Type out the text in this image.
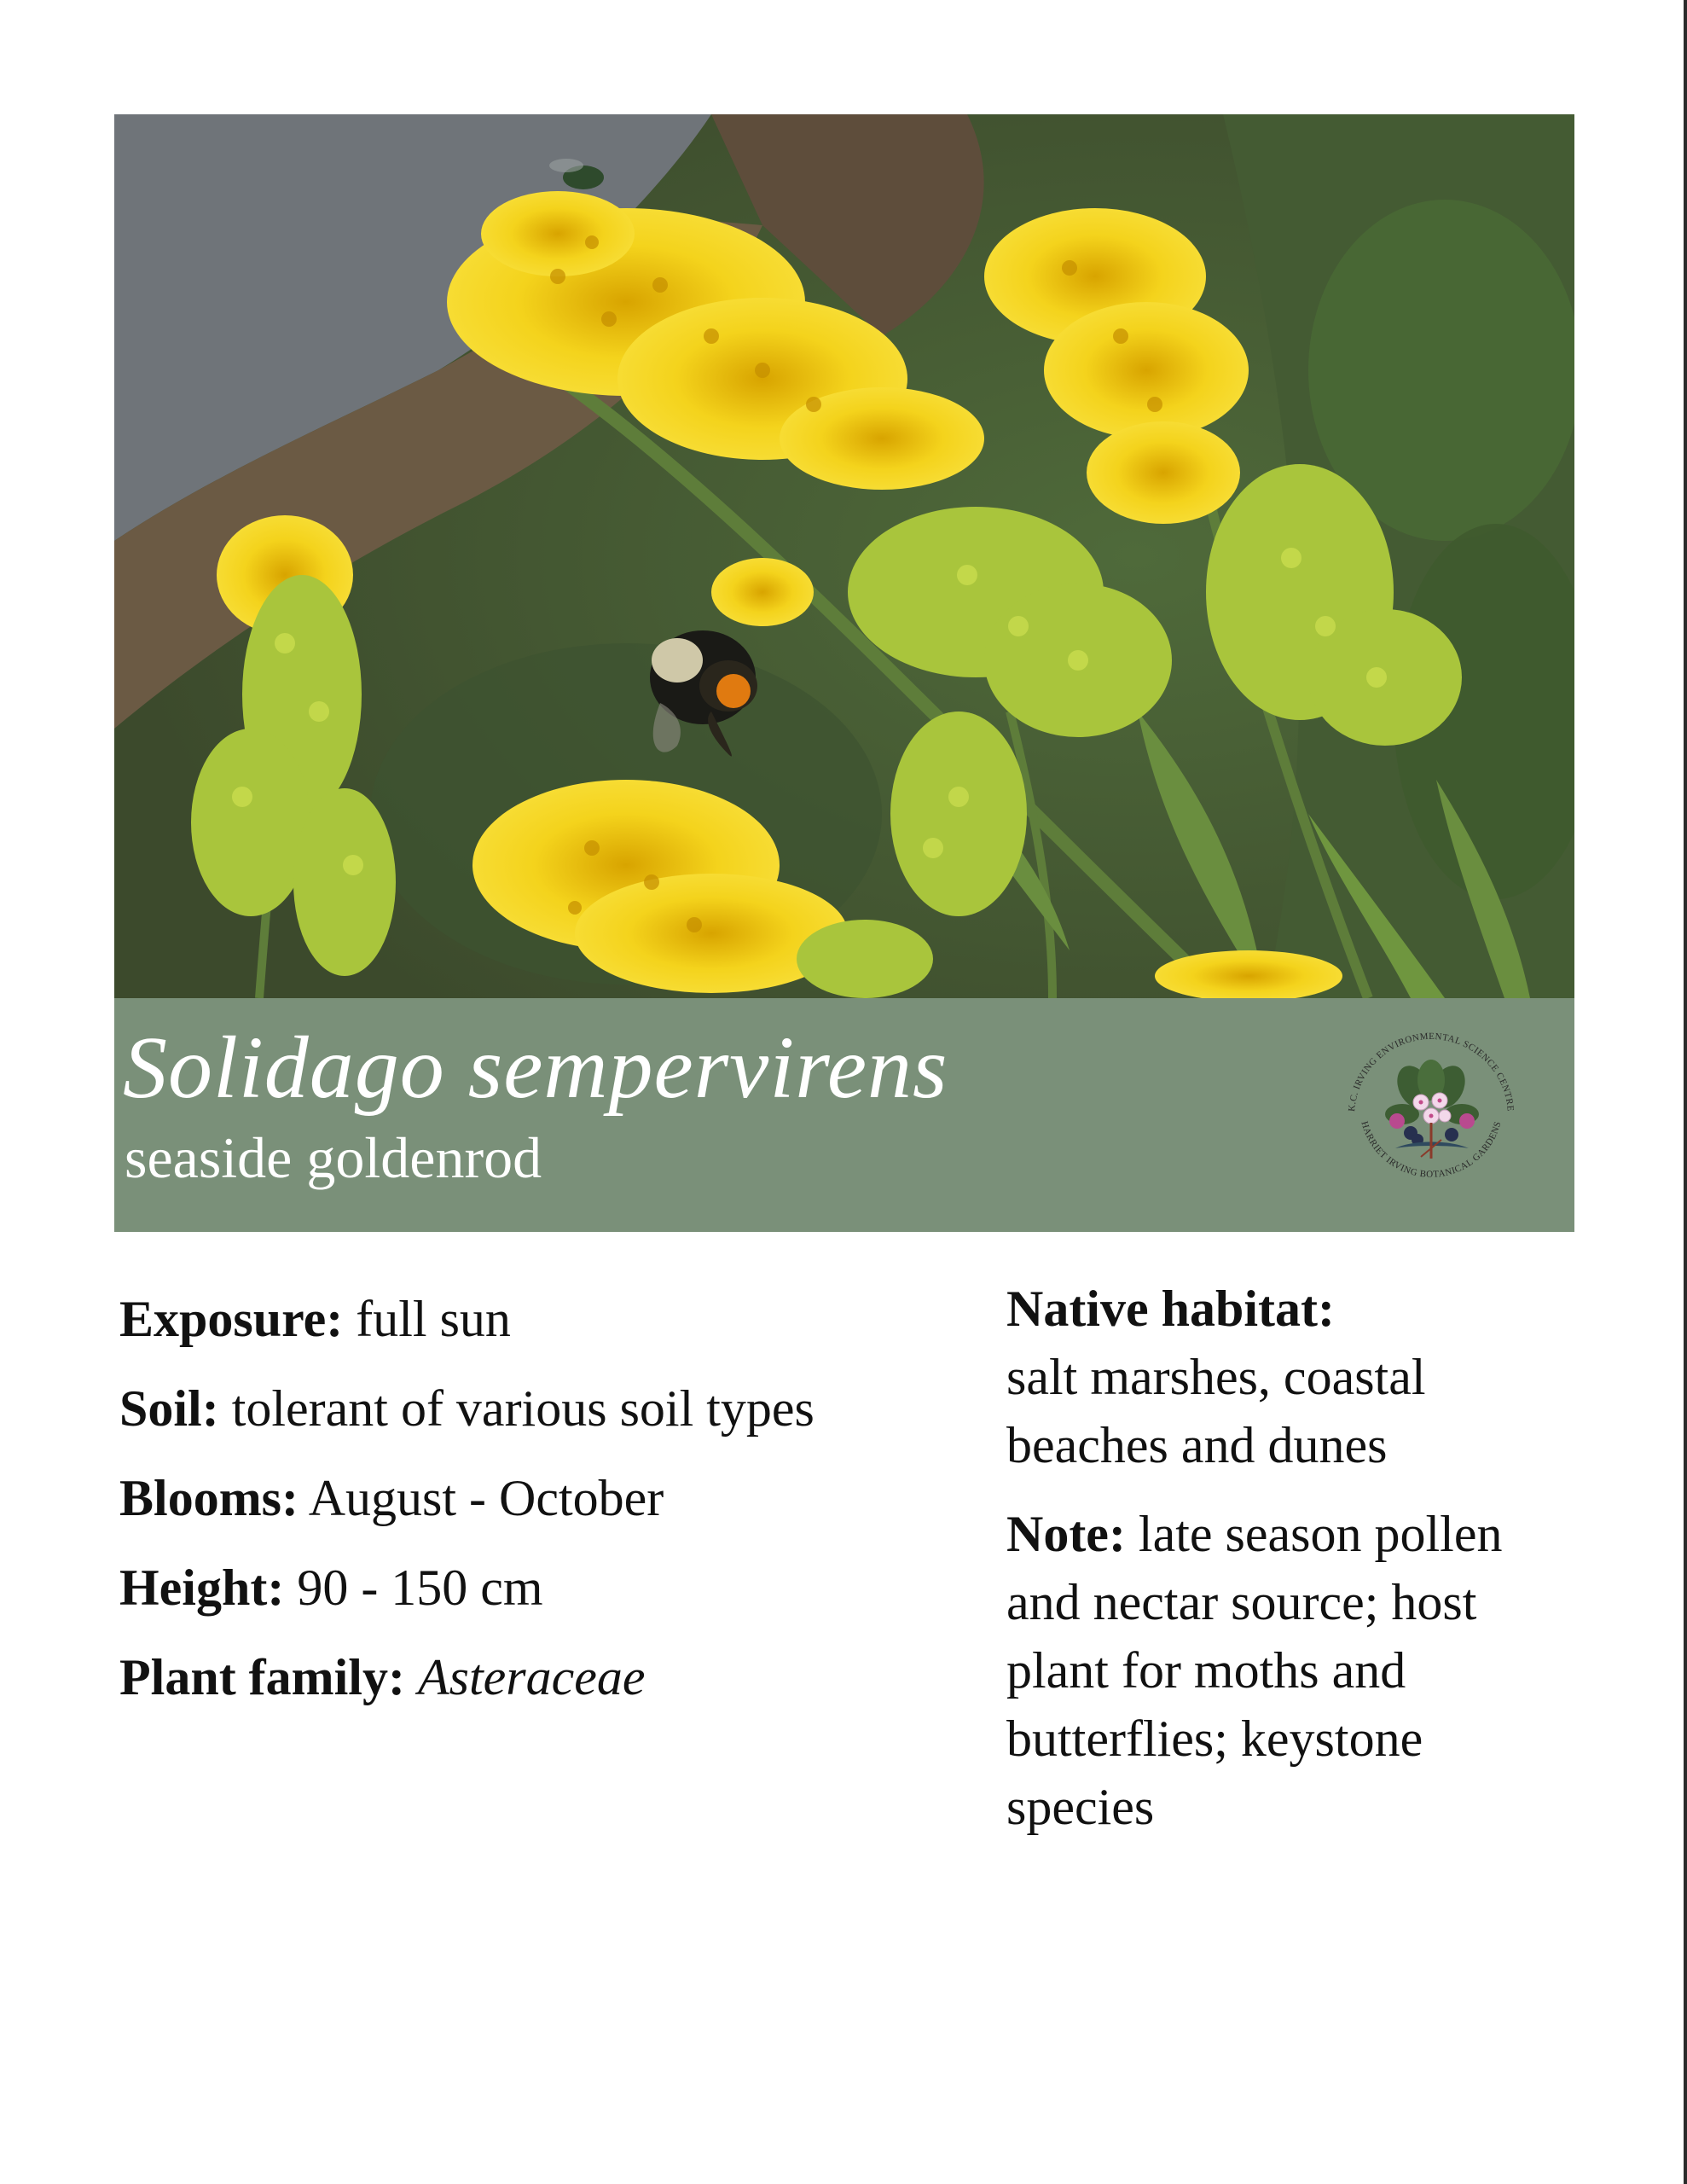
Solidago sempervirens
seaside goldenrod
K.C. IRVING ENVIRONMENTAL SCIENCE CENTRE
HARRIET IRVING BOTANICAL GARDENS
Exposure: full sun
Soil: tolerant of various soil types
Blooms: August - October
Height: 90 - 150 cm
Plant family: Asteraceae
Native habitat:
salt marshes, coastal beaches and dunes
Note: late season pollen and nectar source; host plant for moths and butterflies; keystone species
